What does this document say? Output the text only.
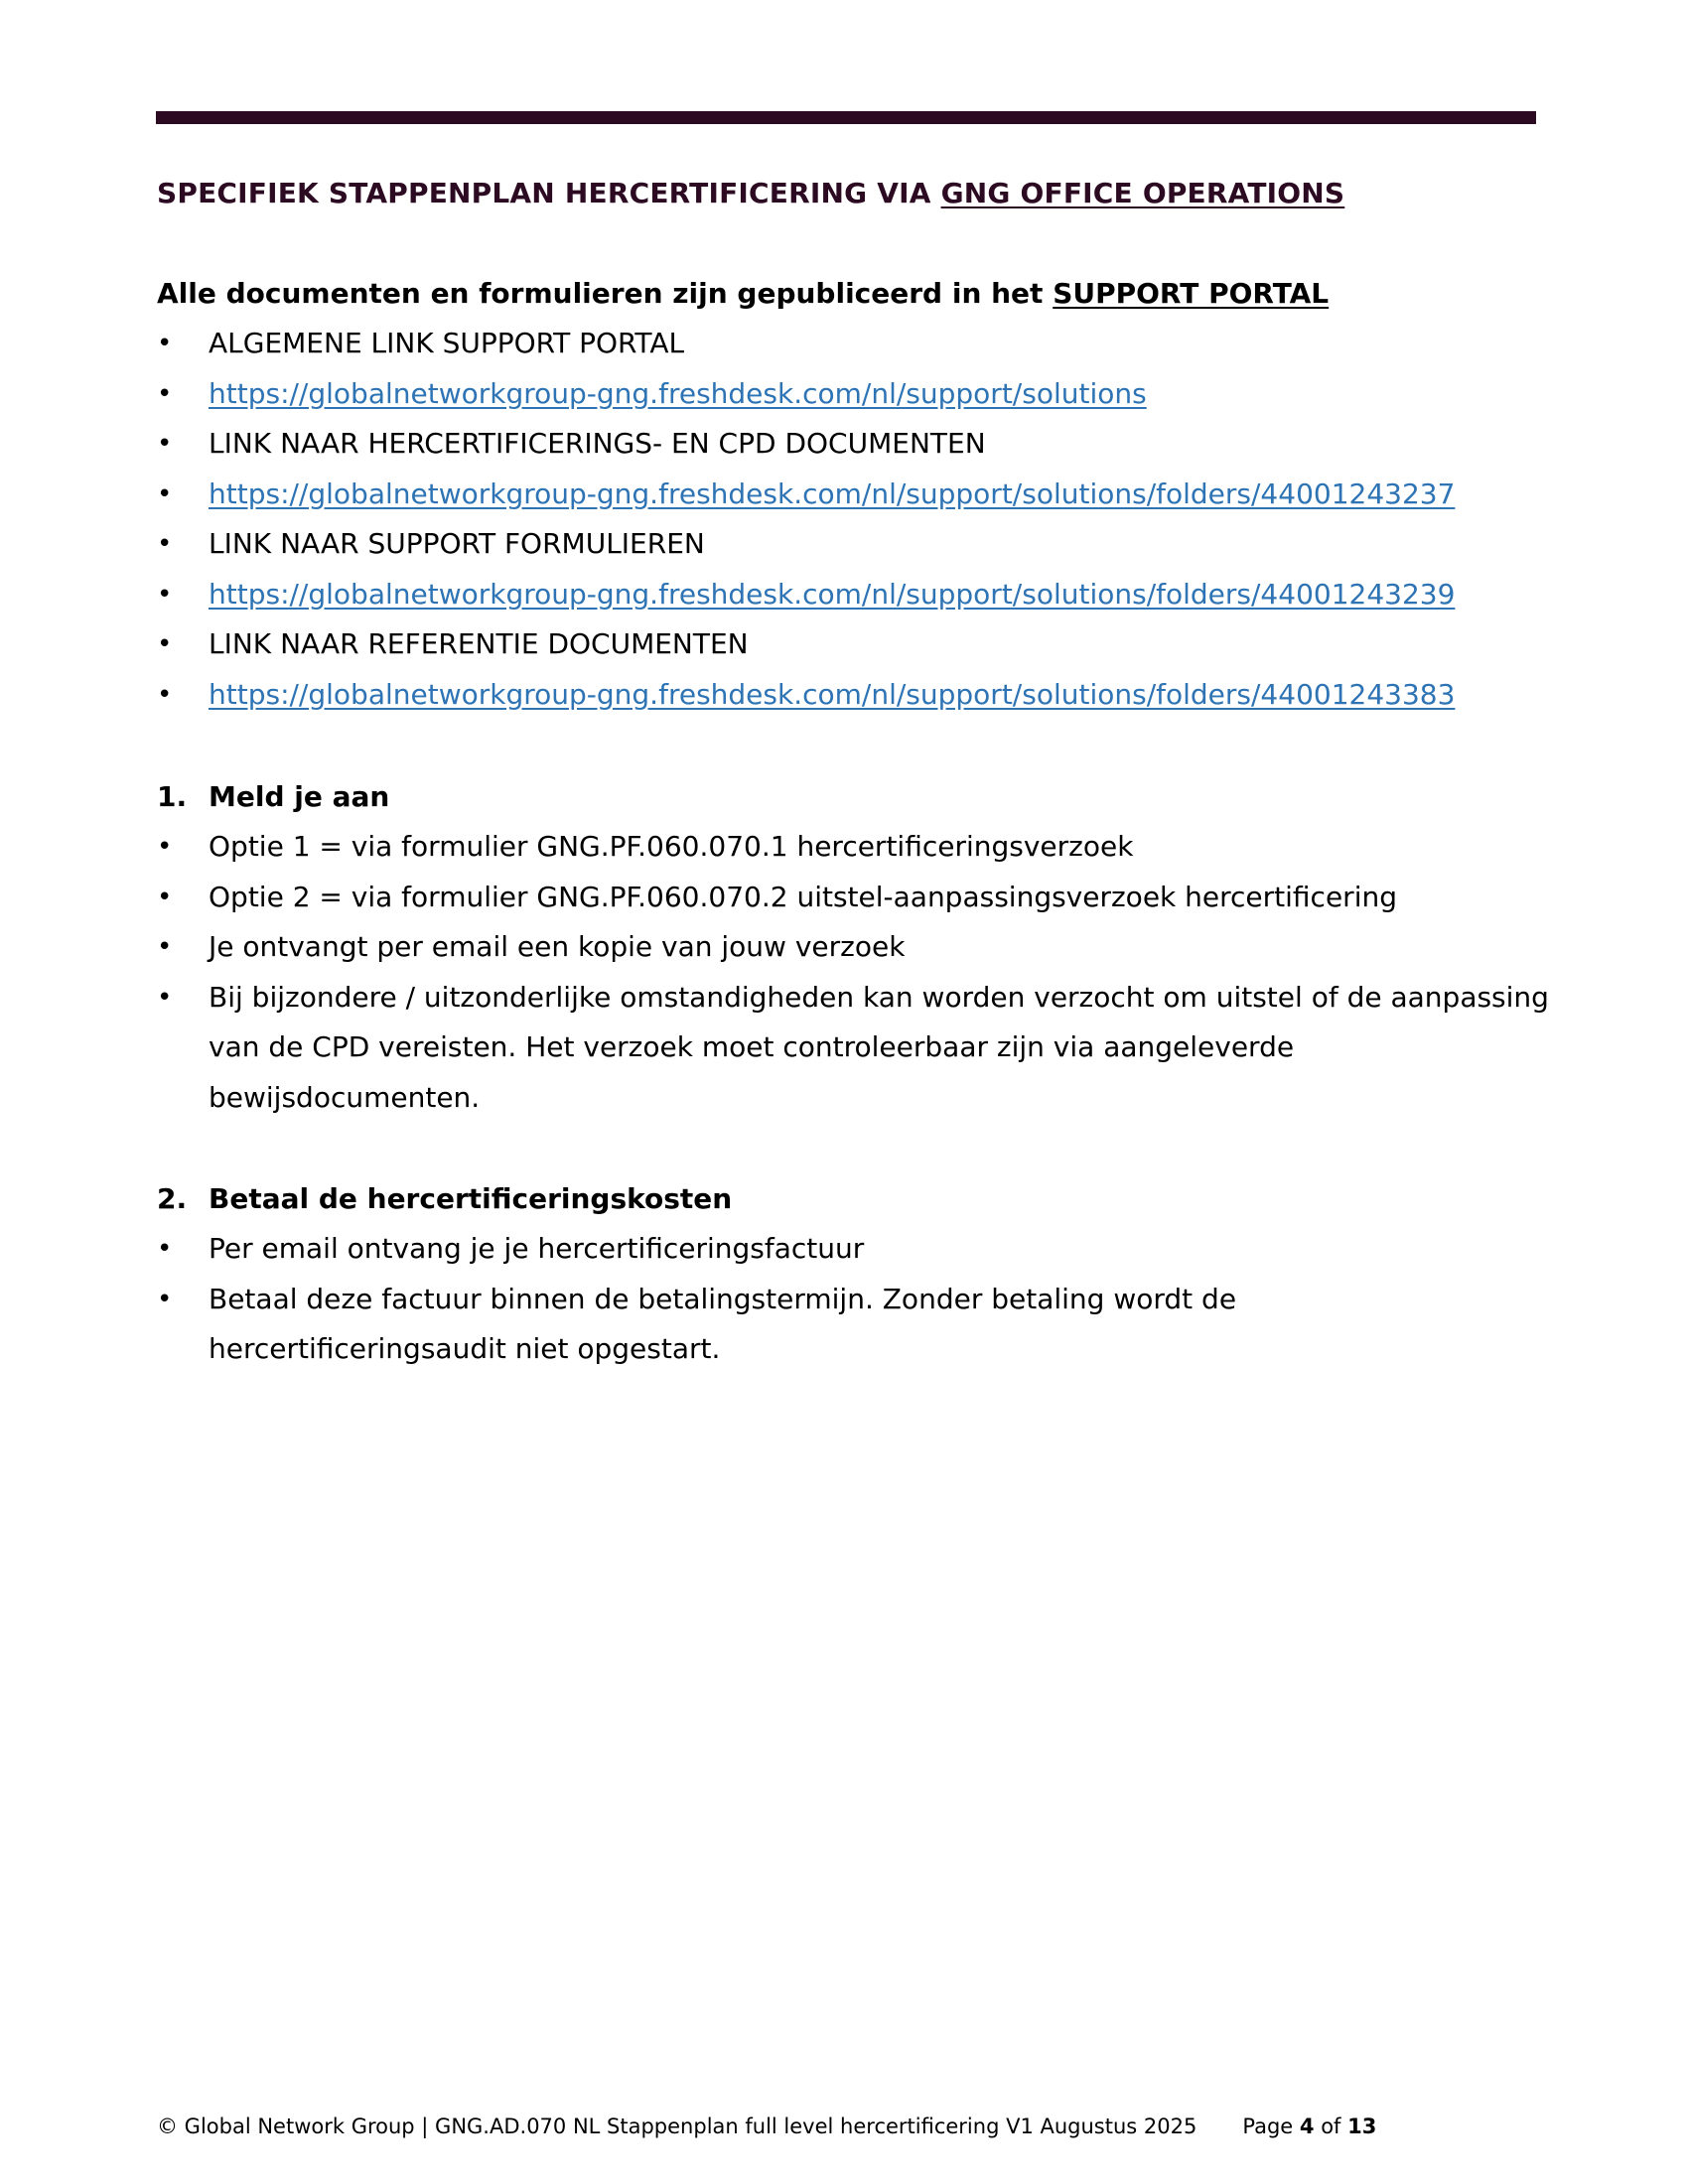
SPECIFIEK STAPPENPLAN HERCERTIFICERING VIA GNG OFFICE OPERATIONS
Alle documenten en formulieren zijn gepubliceerd in het SUPPORT PORTAL
• ALGEMENE LINK SUPPORT PORTAL
• https://globalnetworkgroup-gng.freshdesk.com/nl/support/solutions
• LINK NAAR HERCERTIFICERINGS- EN CPD DOCUMENTEN
• https://globalnetworkgroup-gng.freshdesk.com/nl/support/solutions/folders/44001243237
• LINK NAAR SUPPORT FORMULIEREN
• https://globalnetworkgroup-gng.freshdesk.com/nl/support/solutions/folders/44001243239
• LINK NAAR REFERENTIE DOCUMENTEN
• https://globalnetworkgroup-gng.freshdesk.com/nl/support/solutions/folders/44001243383
1. Meld je aan
• Optie 1 = via formulier GNG.PF.060.070.1 hercertificeringsverzoek
• Optie 2 = via formulier GNG.PF.060.070.2 uitstel-aanpassingsverzoek hercertificering
• Je ontvangt per email een kopie van jouw verzoek
• Bij bijzondere / uitzonderlijke omstandigheden kan worden verzocht om uitstel of de aanpassing van de CPD vereisten. Het verzoek moet controleerbaar zijn via aangeleverde bewijsdocumenten.
2. Betaal de hercertificeringskosten
• Per email ontvang je je hercertificeringsfactuur
• Betaal deze factuur binnen de betalingstermijn. Zonder betaling wordt de hercertificeringsaudit niet opgestart.
© Global Network Group | GNG.AD.070 NL Stappenplan full level hercertificering V1 Augustus 2025 Page 4 of 13
